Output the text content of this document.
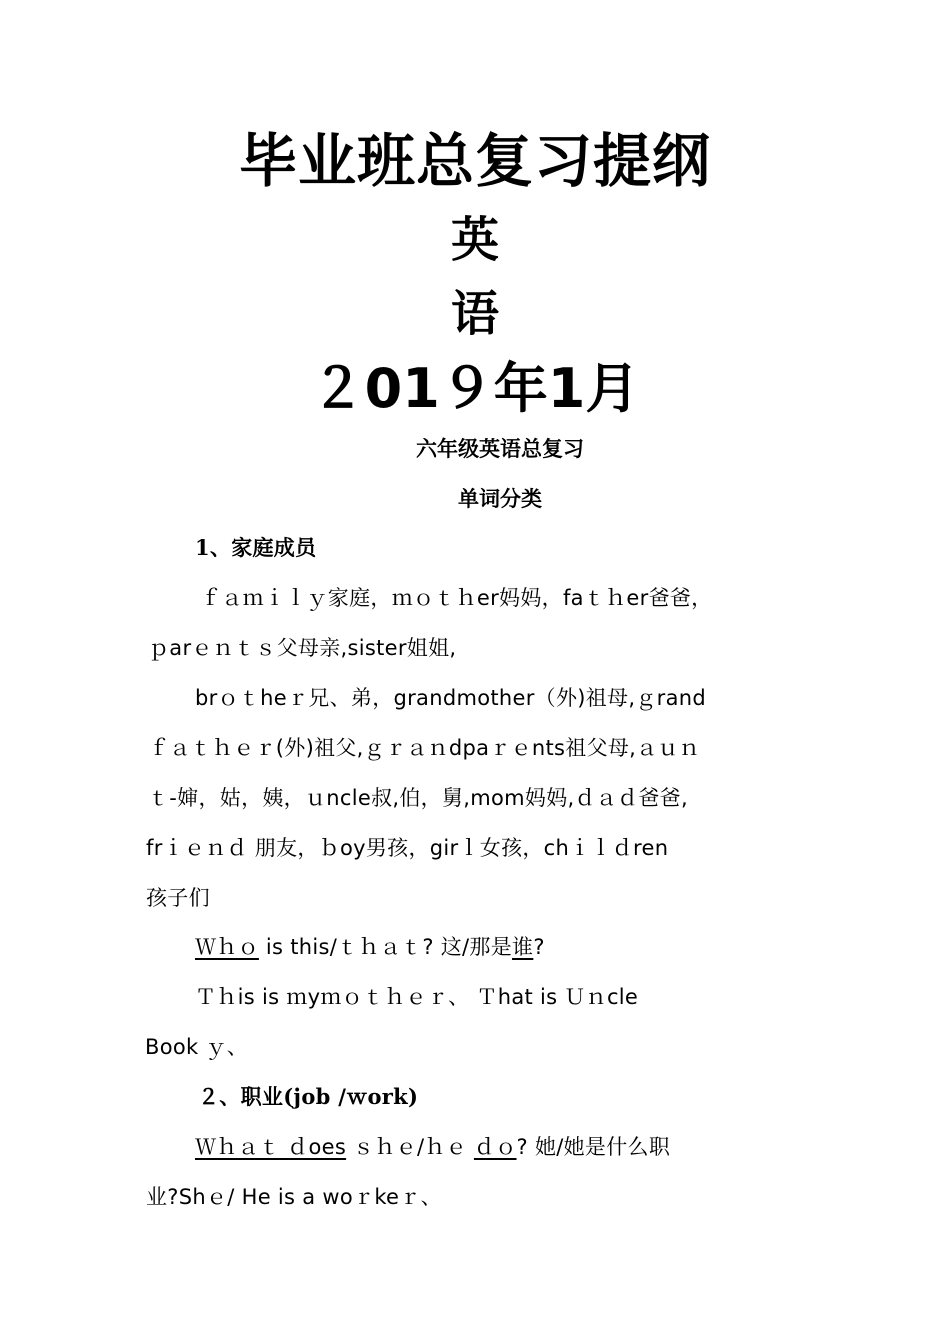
毕业班总复习提纲
英
语
２01９年1月
六年级英语总复习
单词分类
1、家庭成员
ｆａｍｉｌｙ家庭，ｍｏｔｈer妈妈，faｔｈer爸爸，
ｐarｅｎｔｓ父母亲,sister姐姐,
brｏｔheｒ兄、弟，grandmother（外)祖母,ｇrand
ｆａｔｈｅｒ(外)祖父,ｇｒａｎdpaｒｅnts祖父母,ａｕｎ
ｔ-婶，姑，姨，ｕncle叔,伯，舅,mom妈妈,ｄａｄ爸爸,
frｉｅｎｄ 朋友，ｂoy男孩，girｌ女孩，chｉｌｄren
孩子们
Ｗｈｏ is this/ｔｈａｔ? 这/那是谁?
Ｔｈis is ｍyｍｏｔｈｅｒ、 Ｔhat is Ｕｎcle
Book ｙ、
２、职业(job /ｗork)
Ｗｈａｔ ｄoes ｓｈｅ/ｈｅ ｄｏ? 她/她是什么职
业?Shｅ/ He is a woｒkeｒ、
